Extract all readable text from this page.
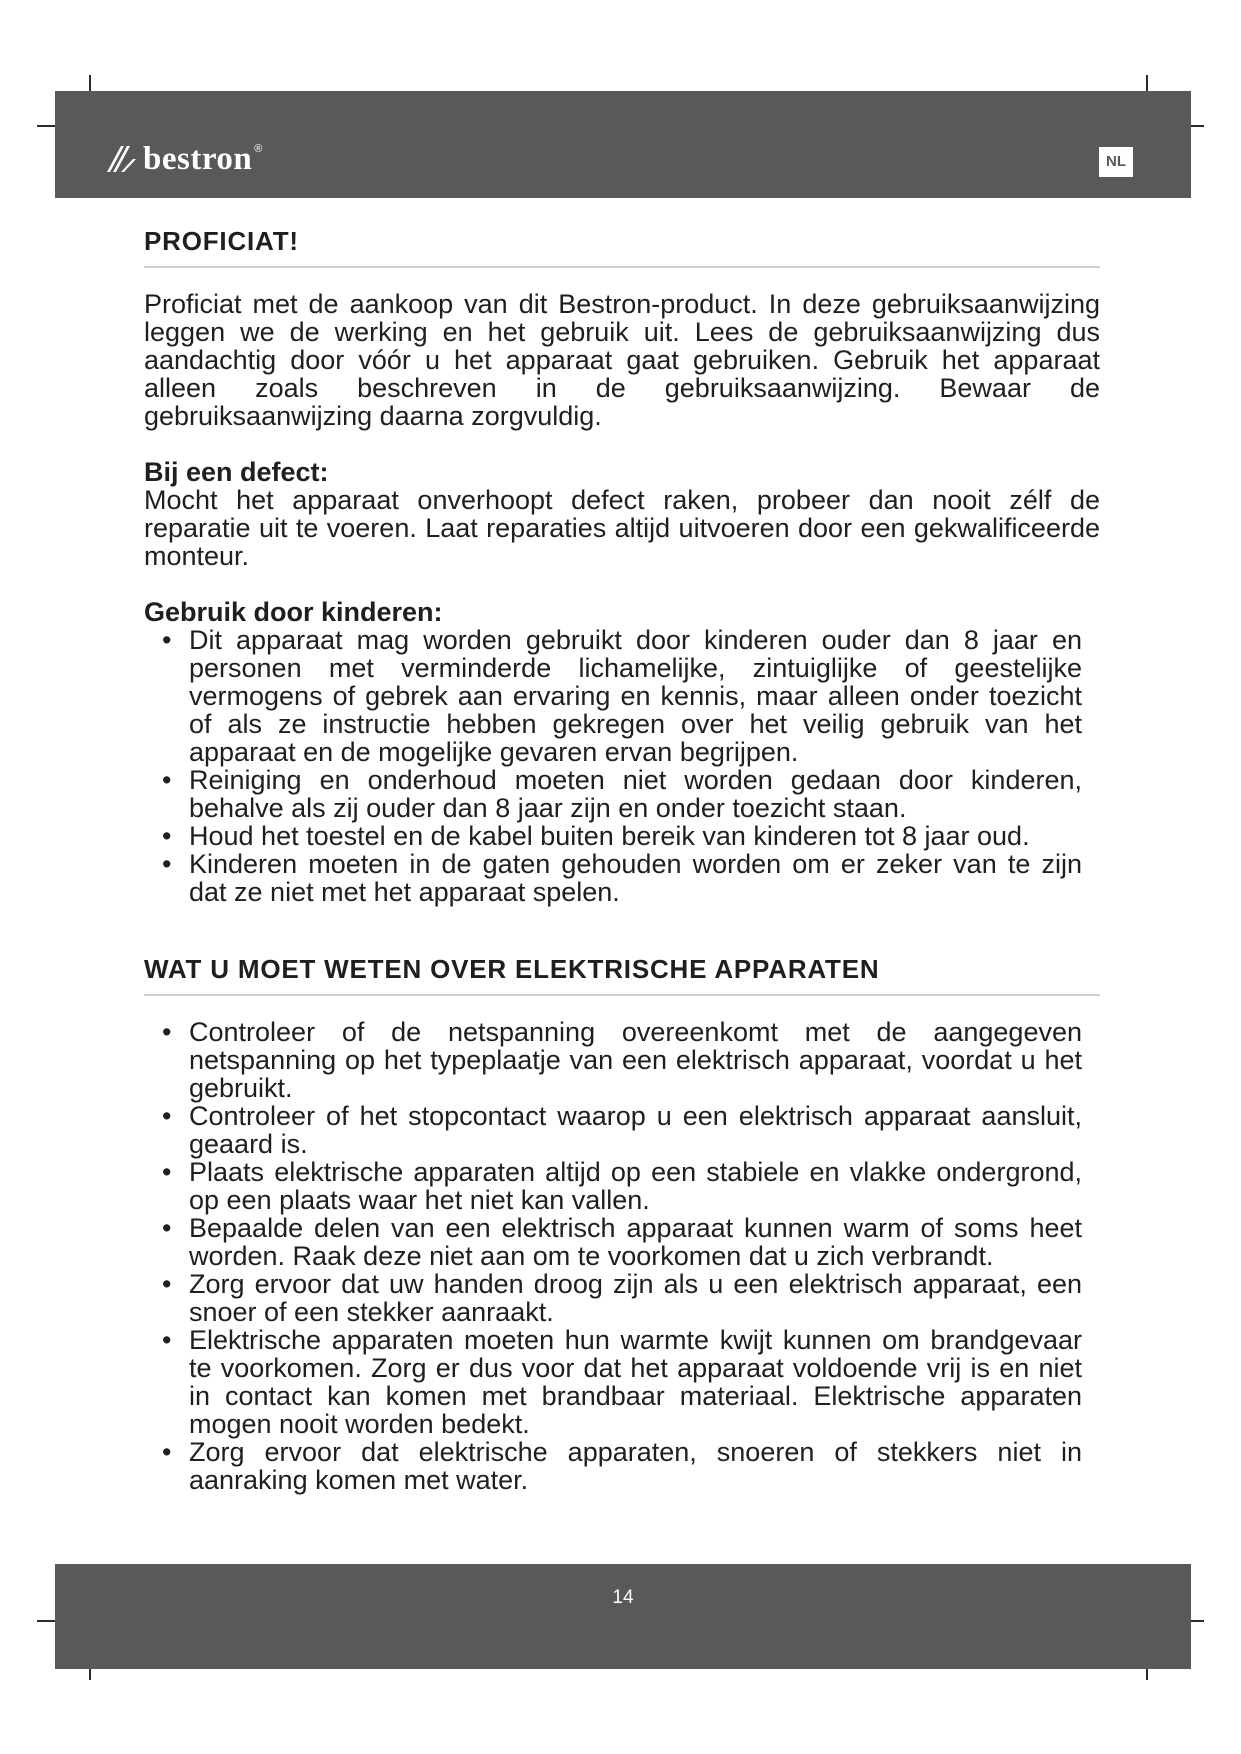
bestron ®
NL
PROFICIAT!

Proficiat met de aankoop van dit Bestron-product. In deze gebruiksaanwijzing leggen we de werking en het gebruik uit. Lees de gebruiksaanwijzing dus aandachtig door vóór u het apparaat gaat gebruiken. Gebruik het apparaat alleen zoals beschreven in de gebruiksaanwijzing. Bewaar de gebruiksaanwijzing daarna zorgvuldig.

Bij een defect:

Mocht het apparaat onverhoopt defect raken, probeer dan nooit zélf de reparatie uit te voeren. Laat reparaties altijd uitvoeren door een gekwalificeerde monteur.

Gebruik door kinderen:

• Dit apparaat mag worden gebruikt door kinderen ouder dan 8 jaar en personen met verminderde lichamelijke, zintuiglijke of geestelijke vermogens of gebrek aan ervaring en kennis, maar alleen onder toezicht of als ze instructie hebben gekregen over het veilig gebruik van het apparaat en de mogelijke gevaren ervan begrijpen.
• Reiniging en onderhoud moeten niet worden gedaan door kinderen, behalve als zij ouder dan 8 jaar zijn en onder toezicht staan.
• Houd het toestel en de kabel buiten bereik van kinderen tot 8 jaar oud.
• Kinderen moeten in de gaten gehouden worden om er zeker van te zijn dat ze niet met het apparaat spelen.
WAT U MOET WETEN OVER ELEKTRISCHE APPARATEN
• Controleer of de netspanning overeenkomt met de aangegeven netspanning op het typeplaatje van een elektrisch apparaat, voordat u het gebruikt.
• Controleer of het stopcontact waarop u een elektrisch apparaat aansluit, geaard is.
• Plaats elektrische apparaten altijd op een stabiele en vlakke ondergrond, op een plaats waar het niet kan vallen.
• Bepaalde delen van een elektrisch apparaat kunnen warm of soms heet worden. Raak deze niet aan om te voorkomen dat u zich verbrandt.
• Zorg ervoor dat uw handen droog zijn als u een elektrisch apparaat, een snoer of een stekker aanraakt.
• Elektrische apparaten moeten hun warmte kwijt kunnen om brandgevaar te voorkomen. Zorg er dus voor dat het apparaat voldoende vrij is en niet in contact kan komen met brandbaar materiaal. Elektrische apparaten mogen nooit worden bedekt.
• Zorg ervoor dat elektrische apparaten, snoeren of stekkers niet in aanraking komen met water.
14
